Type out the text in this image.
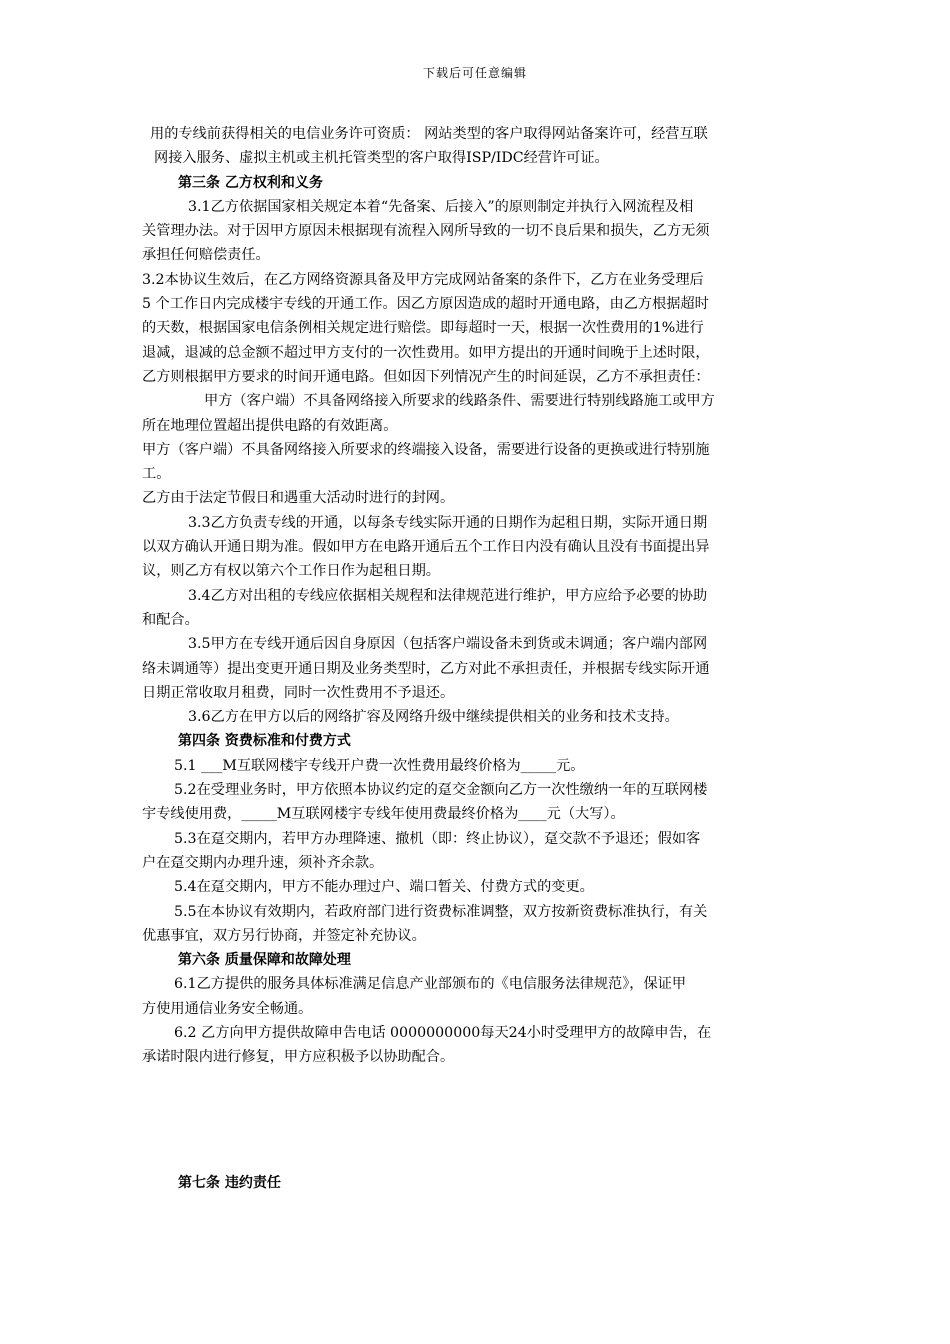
下载后可任意编辑

用的专线前获得相关的电信业务许可资质： 网站类型的客户取得网站备案许可，经营互联

网接入服务、虚拟主机或主机托管类型的客户取得ISP/IDC经营许可证。

第三条 乙方权利和义务

3.1乙方依据国家相关规定本着“先备案、后接入”的原则制定并执行入网流程及相

关管理办法。对于因甲方原因未根据现有流程入网所导致的一切不良后果和损失，乙方无须

承担任何赔偿责任。

3.2本协议生效后，在乙方网络资源具备及甲方完成网站备案的条件下，乙方在业务受理后

5 个工作日内完成楼宇专线的开通工作。因乙方原因造成的超时开通电路，由乙方根据超时

的天数，根据国家电信条例相关规定进行赔偿。即每超时一天，根据一次性费用的1%进行

退减，退减的总金额不超过甲方支付的一次性费用。如甲方提出的开通时间晚于上述时限，

乙方则根据甲方要求的时间开通电路。但如因下列情况产生的时间延误，乙方不承担责任：

甲方（客户端）不具备网络接入所要求的线路条件、需要进行特别线路施工或甲方

所在地理位置超出提供电路的有效距离。

甲方（客户端）不具备网络接入所要求的终端接入设备，需要进行设备的更换或进行特别施

工。

乙方由于法定节假日和遇重大活动时进行的封网。

3.3乙方负责专线的开通，以每条专线实际开通的日期作为起租日期，实际开通日期

以双方确认开通日期为准。假如甲方在电路开通后五个工作日内没有确认且没有书面提出异

议，则乙方有权以第六个工作日作为起租日期。

3.4乙方对出租的专线应依据相关规程和法律规范进行维护，甲方应给予必要的协助

和配合。

3.5甲方在专线开通后因自身原因（包括客户端设备未到货或未调通；客户端内部网

络未调通等）提出变更开通日期及业务类型时，乙方对此不承担责任，并根据专线实际开通

日期正常收取月租费，同时一次性费用不予退还。

3.6乙方在甲方以后的网络扩容及网络升级中继续提供相关的业务和技术支持。

第四条 资费标准和付费方式

5.1 ___M互联网楼宇专线开户费一次性费用最终价格为_____元。

5.2在受理业务时，甲方依照本协议约定的趸交金额向乙方一次性缴纳一年的互联网楼

宇专线使用费，_____M互联网楼宇专线年使用费最终价格为____元（大写）。

5.3在趸交期内，若甲方办理降速、撤机（即：终止协议），趸交款不予退还；假如客

户在趸交期内办理升速，须补齐余款。

5.4在趸交期内，甲方不能办理过户、端口暂关、付费方式的变更。

5.5在本协议有效期内，若政府部门进行资费标准调整，双方按新资费标准执行，有关

优惠事宜，双方另行协商，并签定补充协议。

第六条 质量保障和故障处理

6.1乙方提供的服务具体标准满足信息产业部颁布的《电信服务法律规范》，保证甲

方使用通信业务安全畅通。

6.2 乙方向甲方提供故障申告电话 0000000000每天24小时受理甲方的故障申告，在

承诺时限内进行修复，甲方应积极予以协助配合。

第七条 违约责任
